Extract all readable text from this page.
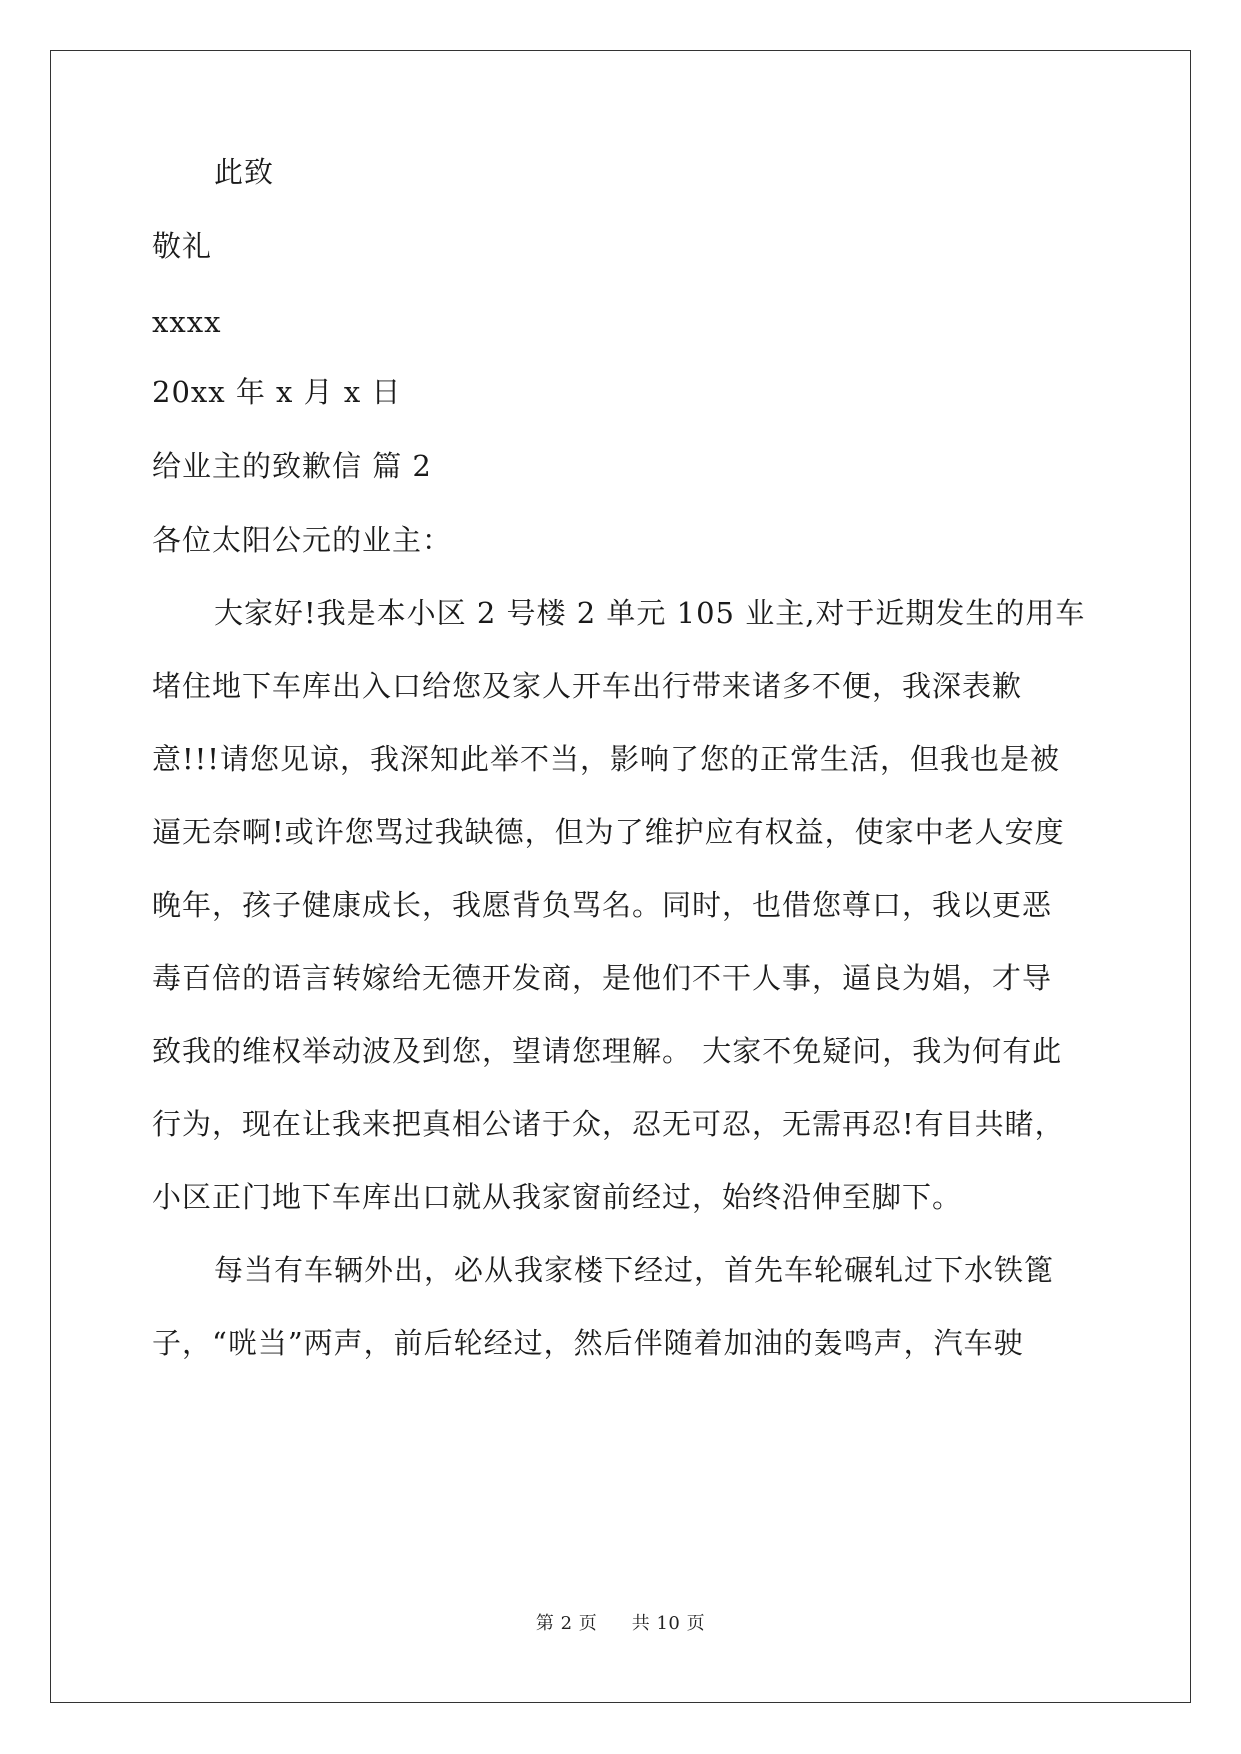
此致
敬礼
xxxx
20xx 年 x 月 x 日
给业主的致歉信 篇 2
各位太阳公元的业主：
大家好!我是本小区 2 号楼 2 单元 105 业主,对于近期发生的用车
堵住地下车库出入口给您及家人开车出行带来诸多不便，我深表歉
意!!!请您见谅，我深知此举不当，影响了您的正常生活，但我也是被
逼无奈啊!或许您骂过我缺德，但为了维护应有权益，使家中老人安度
晚年，孩子健康成长，我愿背负骂名。同时，也借您尊口，我以更恶
毒百倍的语言转嫁给无德开发商，是他们不干人事，逼良为娼，才导
致我的维权举动波及到您，望请您理解。 大家不免疑问，我为何有此
行为，现在让我来把真相公诸于众，忍无可忍，无需再忍!有目共睹，
小区正门地下车库出口就从我家窗前经过，始终沿伸至脚下。
每当有车辆外出，必从我家楼下经过，首先车轮碾轧过下水铁篦
子，“咣当”两声，前后轮经过，然后伴随着加油的轰鸣声，汽车驶
第 2 页 共 10 页
